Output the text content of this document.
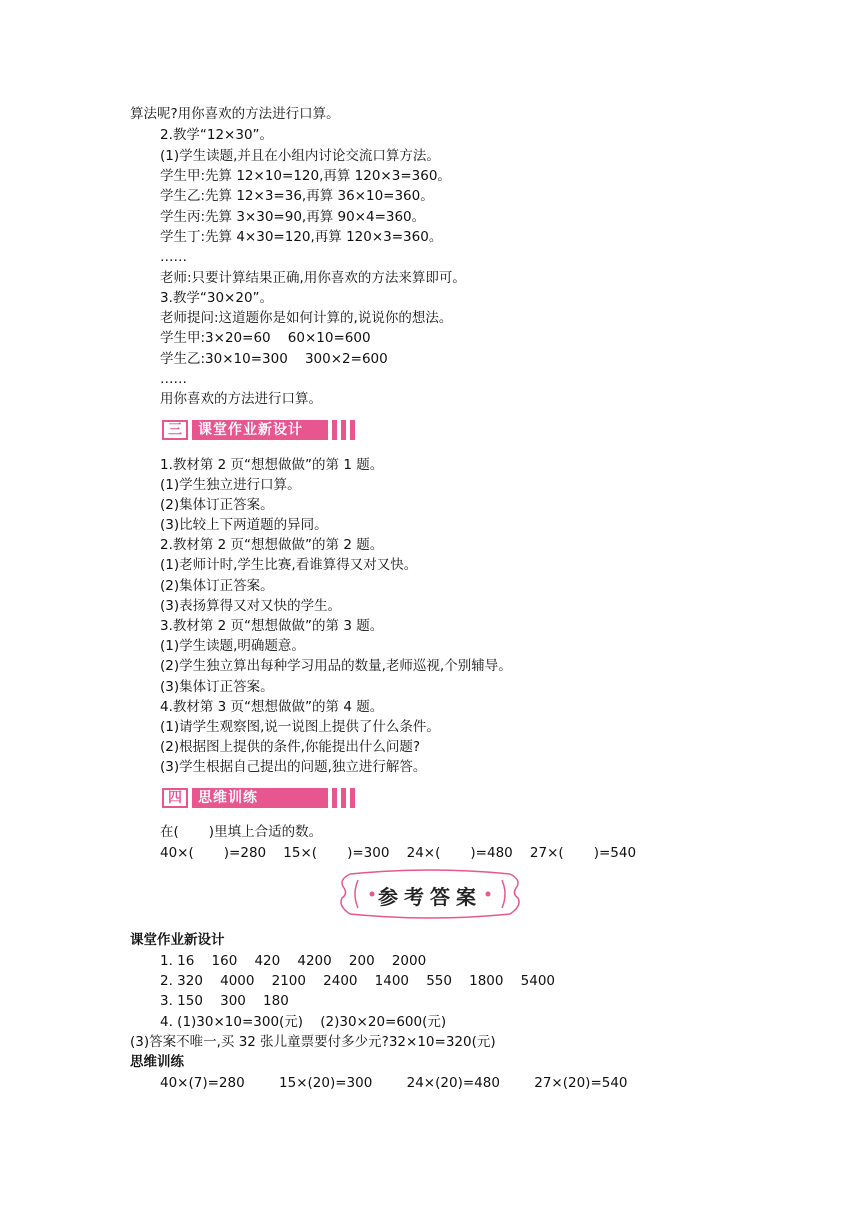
算法呢?用你喜欢的方法进行口算。
2.教学“12×30”。
(1)学生读题,并且在小组内讨论交流口算方法。
学生甲:先算 12×10=120,再算 120×3=360。
学生乙:先算 12×3=36,再算 36×10=360。
学生丙:先算 3×30=90,再算 90×4=360。
学生丁:先算 4×30=120,再算 120×3=360。
……
老师:只要计算结果正确,用你喜欢的方法来算即可。
3.教学“30×20”。
老师提问:这道题你是如何计算的,说说你的想法。
学生甲:3×20=60    60×10=600
学生乙:30×10=300    300×2=600
……
用你喜欢的方法进行口算。
三	课堂作业新设计
1.教材第 2 页“想想做做”的第 1 题。
(1)学生独立进行口算。
(2)集体订正答案。
(3)比较上下两道题的异同。
2.教材第 2 页“想想做做”的第 2 题。
(1)老师计时,学生比赛,看谁算得又对又快。
(2)集体订正答案。
(3)表扬算得又对又快的学生。
3.教材第 2 页“想想做做”的第 3 题。
(1)学生读题,明确题意。
(2)学生独立算出每种学习用品的数量,老师巡视,个别辅导。
(3)集体订正答案。
4.教材第 3 页“想想做做”的第 4 题。
(1)请学生观察图,说一说图上提供了什么条件。
(2)根据图上提供的条件,你能提出什么问题?
(3)学生根据自己提出的问题,独立进行解答。
四	思维训练
在(       )里填上合适的数。
40×(       )=280    15×(       )=300    24×(       )=480    27×(       )=540
参考答案
课堂作业新设计
1. 16    160    420    4200    200    2000
2. 320    4000    2100    2400    1400    550    1800    5400
3. 150    300    180
4. (1)30×10=300(元)    (2)30×20=600(元)
(3)答案不唯一,买 32 张儿童票要付多少元?32×10=320(元)
思维训练
40×(7)=280        15×(20)=300        24×(20)=480        27×(20)=540
